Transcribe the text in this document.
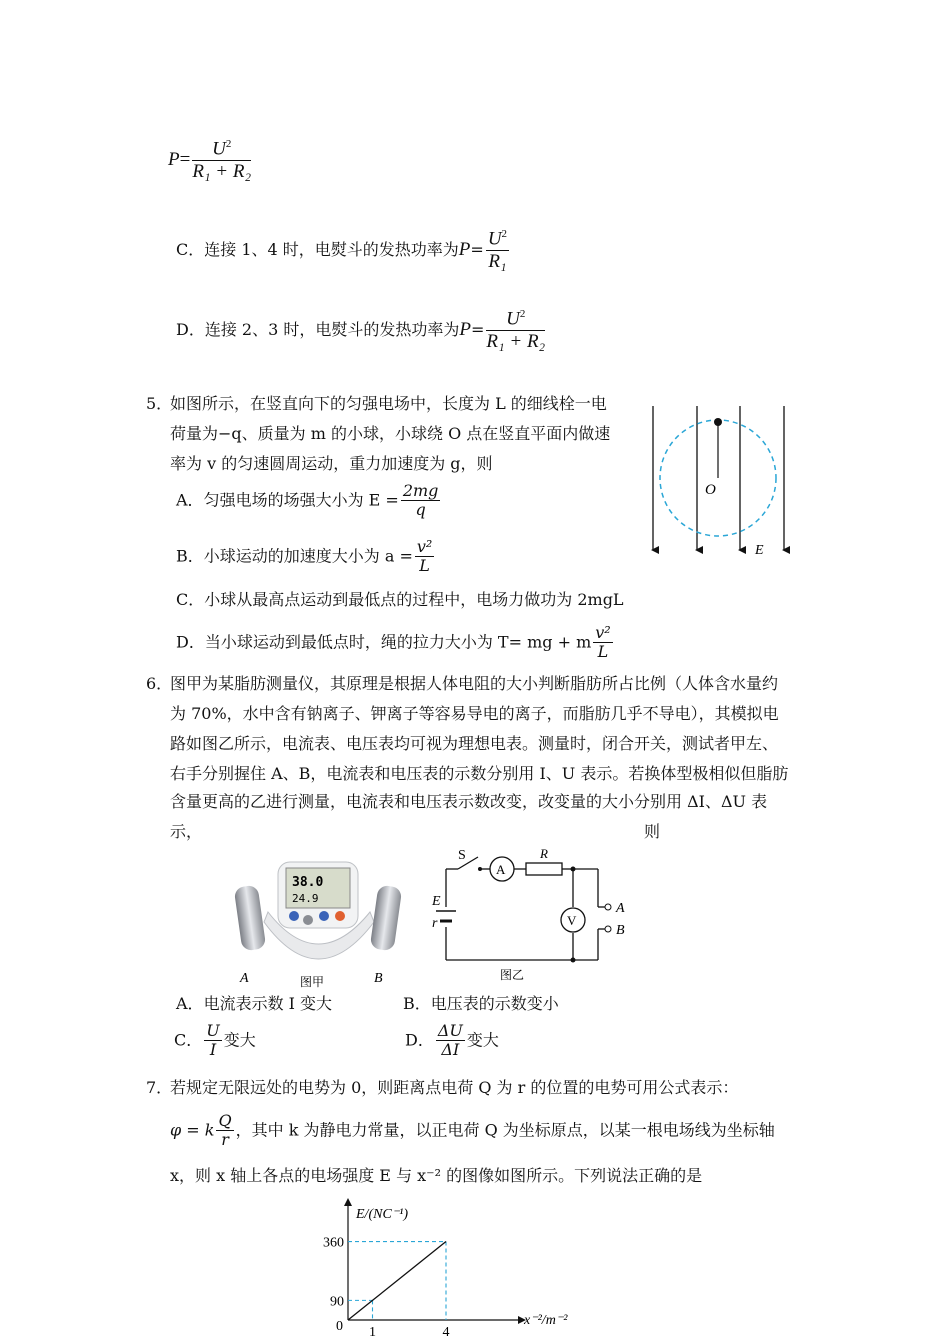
$P= \frac{U^2}{\text{R₁ + R₂}}$
C．连接 1、4 时，电熨斗的发热功率为$P= \frac{U^2}{\text{R₁}}$
D．连接 2、3 时，电熨斗的发热功率为$P= \frac{U^2}{\text{R₁ + R₂}}$
5．
如图所示，在竖直向下的匀强电场中，长度为 L 的细线栓一电
荷量为−q、质量为 m 的小球，小球绕 O 点在竖直平面内做速
率为 v 的匀速圆周运动，重力加速度为 g，则
A．匀强电场的场强大小为 $E = \frac{2mg}{q}$
B．小球运动的加速度大小为 $a = \frac{\text{v²}}{L}$
C．小球从最高点运动到最低点的过程中，电场力做功为 2mgL
D．当小球运动到最低点时，绳的拉力大小为 T= mg + m $\frac{\text{v²}}{L}$
O
E
6．
图甲为某脂肪测量仪，其原理是根据人体电阻的大小判断脂肪所占比例（人体含水量约
为 70%，水中含有钠离子、钾离子等容易导电的离子，而脂肪几乎不导电），其模拟电
路如图乙所示，电流表、电压表均可视为理想电表。测量时，闭合开关，测试者甲左、
右手分别握住 A、B，电流表和电压表的示数分别用 I、U 表示。若换体型极相似但脂肪
含量更高的乙进行测量，电流表和电压表示数改变，改变量的大小分别用 ΔI、ΔU 表
示，	则
38.0
24.9
A	B
图甲
A
V
S	R
E
r
A
B
图乙
A．电流表示数 I 变大	B．电压表的示数变小
C． $\frac{U}{I}$ 变大	D． $\frac{\Delta U}{\Delta I}$ 变大
7．
若规定无限远处的电势为 0，则距离点电荷 Q 为 r 的位置的电势可用公式表示：
φ = k $\frac{Q}{r}$ ，其中 k 为静电力常量，以正电荷 Q 为坐标原点，以某一根电场线为坐标轴
x，则 x 轴上各点的电场强度 E 与 x⁻² 的图像如图所示。下列说法正确的是
E/(NC⁻¹)
x⁻²/m⁻²
0
90
360
1	4
